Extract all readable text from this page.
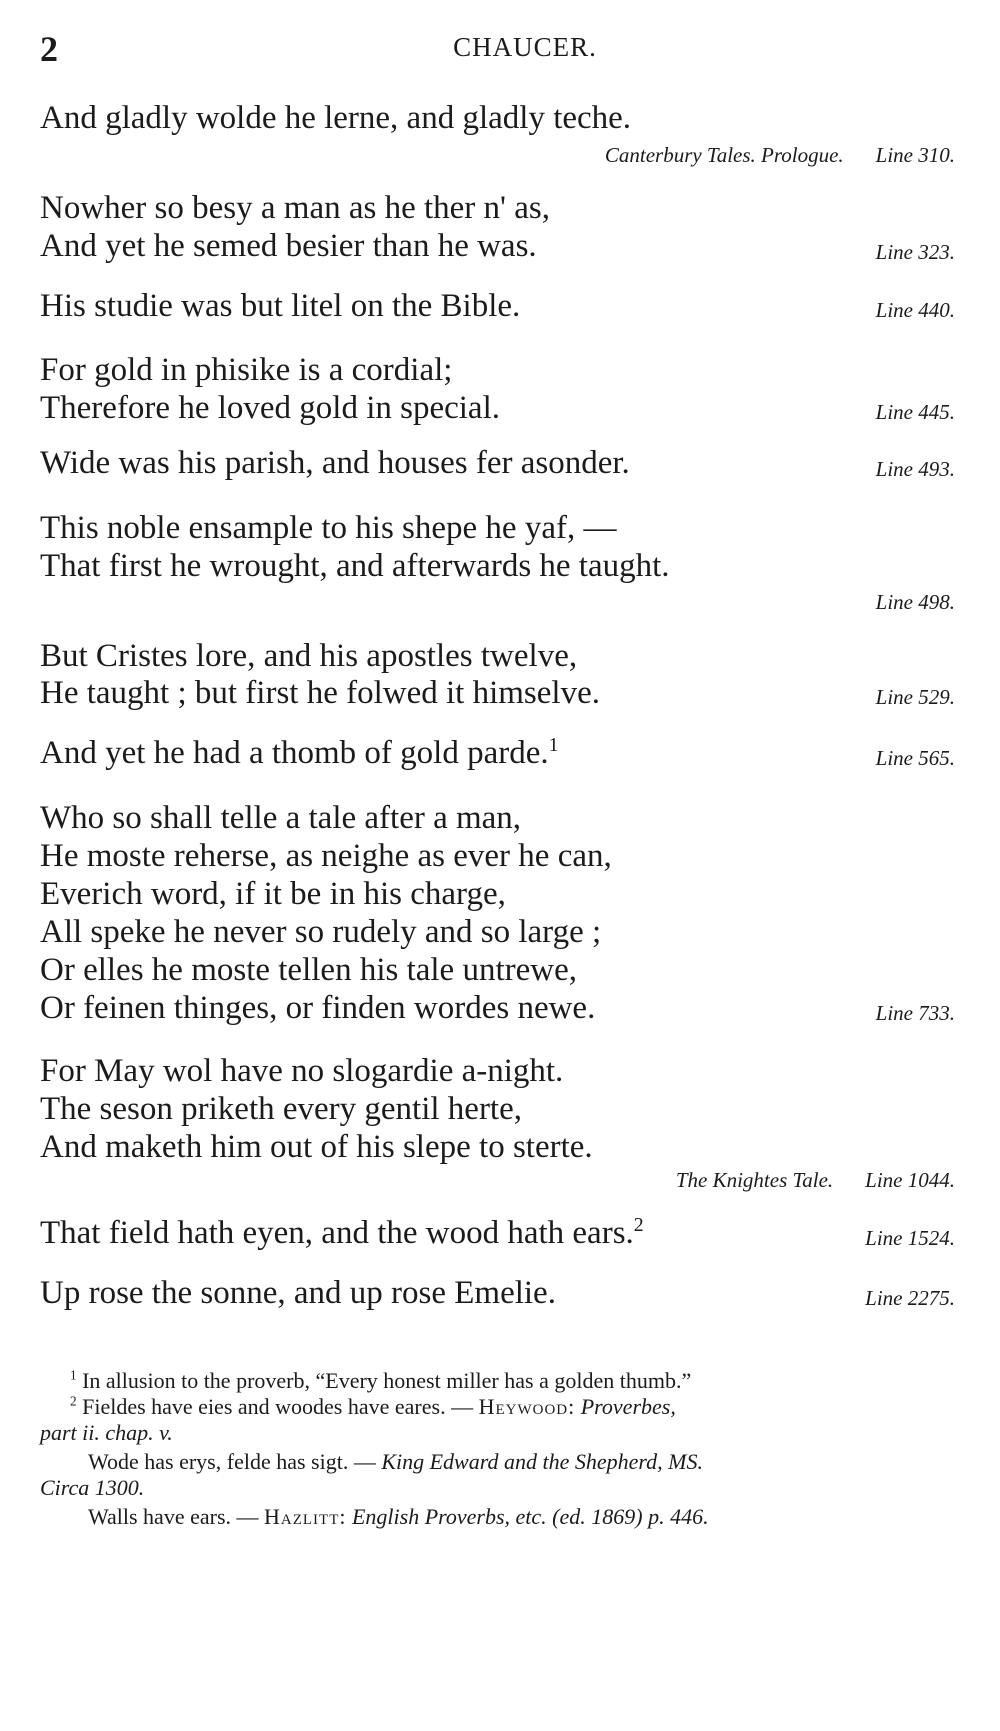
2	CHAUCER.
And gladly wolde he lerne, and gladly teche.
Canterbury Tales. Prologue. Line 310.
Nowher so besy a man as he ther n' as,
And yet he semed besier than he was.	Line 323.
His studie was but litel on the Bible.	Line 440.
For gold in phisike is a cordial;
Therefore he loved gold in special.	Line 445.
Wide was his parish, and houses fer asonder.	Line 493.
This noble ensample to his shepe he yaf, —
That first he wrought, and afterwards he taught.
Line 498.
But Cristes lore, and his apostles twelve,
He taught ; but first he folwed it himselve.	Line 529.
And yet he had a thomb of gold parde.$^1$
Line 565.
Who so shall telle a tale after a man,
He moste reherse, as neighe as ever he can,
Everich word, if it be in his charge,
All speke he never so rudely and so large ;
Or elles he moste tellen his tale untrewe,
Or feinen thinges, or finden wordes newe.	Line 733.
For May wol have no slogardie a-night.
The seson priketh every gentil herte,
And maketh him out of his slepe to sterte.
The Knightes Tale. Line 1044.
That field hath eyen, and the wood hath ears.$^2$
Line 1524.
Up rose the sonne, and up rose Emelie.	Line 2275.
$^1$ In allusion to the proverb, “Every honest miller has a golden thumb.”
$^2$ Fieldes have eies and woodes have eares. — Heywood: Proverbes,
part ii. chap. v.
Wode has erys, felde has sigt. — King Edward and the Shepherd, MS.
Circa 1300.
Walls have ears. — Hazlitt: English Proverbs, etc. (ed. 1869) p. 446.
